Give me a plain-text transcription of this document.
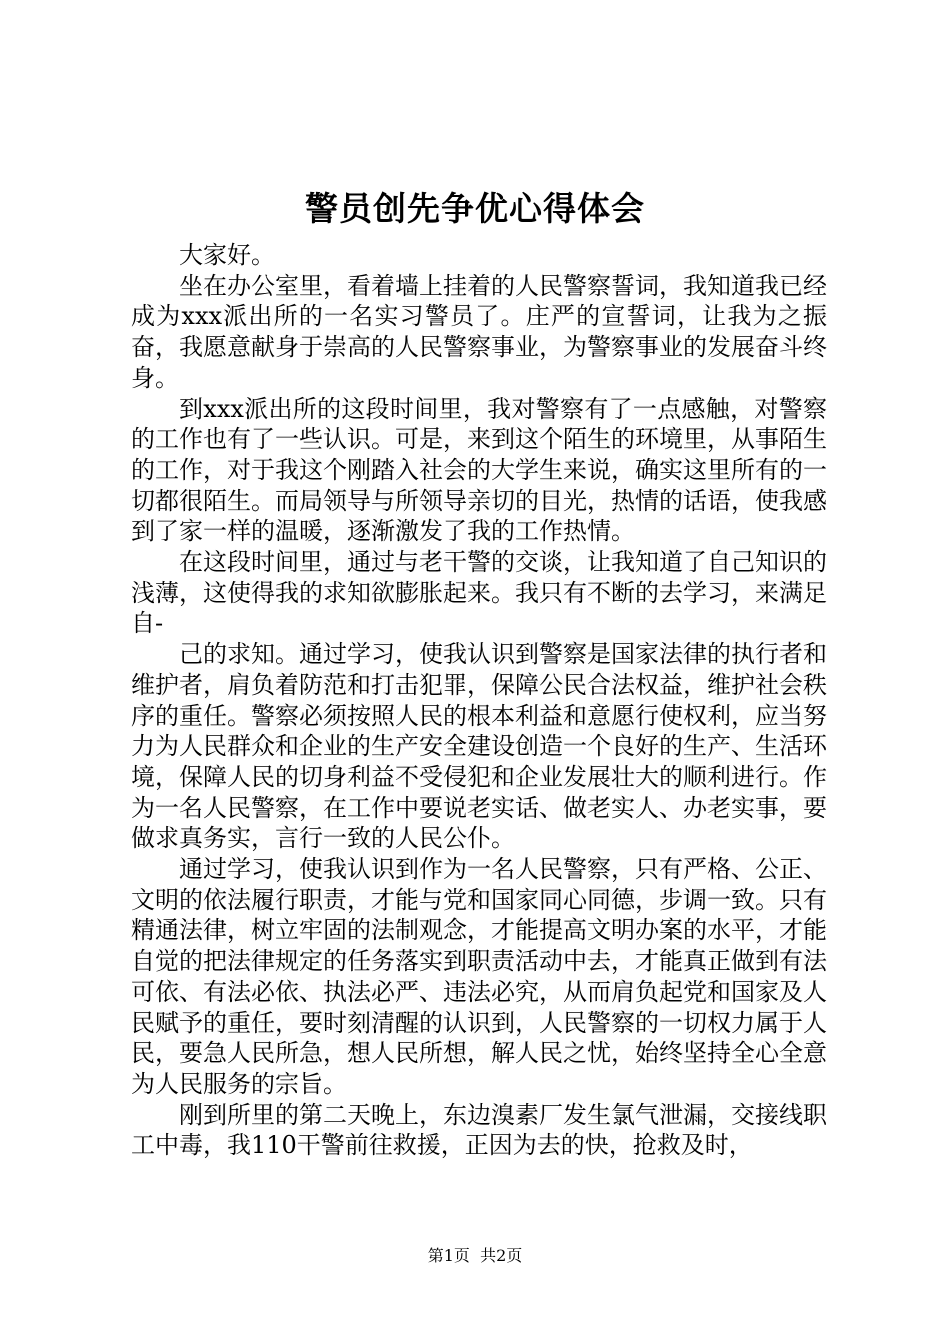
警员创先争优心得体会

大家好。

坐在办公室里，看着墙上挂着的人民警察誓词，我知道我已经成为xxx派出所的一名实习警员了。庄严的宣誓词，让我为之振奋，我愿意献身于崇高的人民警察事业，为警察事业的发展奋斗终身。

到xxx派出所的这段时间里，我对警察有了一点感触，对警察的工作也有了一些认识。可是，来到这个陌生的环境里，从事陌生的工作，对于我这个刚踏入社会的大学生来说，确实这里所有的一切都很陌生。而局领导与所领导亲切的目光，热情的话语，使我感到了家一样的温暖，逐渐激发了我的工作热情。

在这段时间里，通过与老干警的交谈，让我知道了自己知识的浅薄，这使得我的求知欲膨胀起来。我只有不断的去学习，来满足自-

己的求知。通过学习，使我认识到警察是国家法律的执行者和维护者，肩负着防范和打击犯罪，保障公民合法权益，维护社会秩序的重任。警察必须按照人民的根本利益和意愿行使权利，应当努力为人民群众和企业的生产安全建设创造一个良好的生产、生活环境，保障人民的切身利益不受侵犯和企业发展壮大的顺利进行。作为一名人民警察，在工作中要说老实话、做老实人、办老实事，要做求真务实，言行一致的人民公仆。

通过学习，使我认识到作为一名人民警察，只有严格、公正、文明的依法履行职责，才能与党和国家同心同德，步调一致。只有精通法律，树立牢固的法制观念，才能提高文明办案的水平，才能自觉的把法律规定的任务落实到职责活动中去，才能真正做到有法可依、有法必依、执法必严、违法必究，从而肩负起党和国家及人民赋予的重任，要时刻清醒的认识到，人民警察的一切权力属于人民，要急人民所急，想人民所想，解人民之忧，始终坚持全心全意为人民服务的宗旨。

刚到所里的第二天晚上，东边溴素厂发生氯气泄漏，交接线职工中毒，我110干警前往救援，正因为去的快，抢救及时，

第1页 共2页
